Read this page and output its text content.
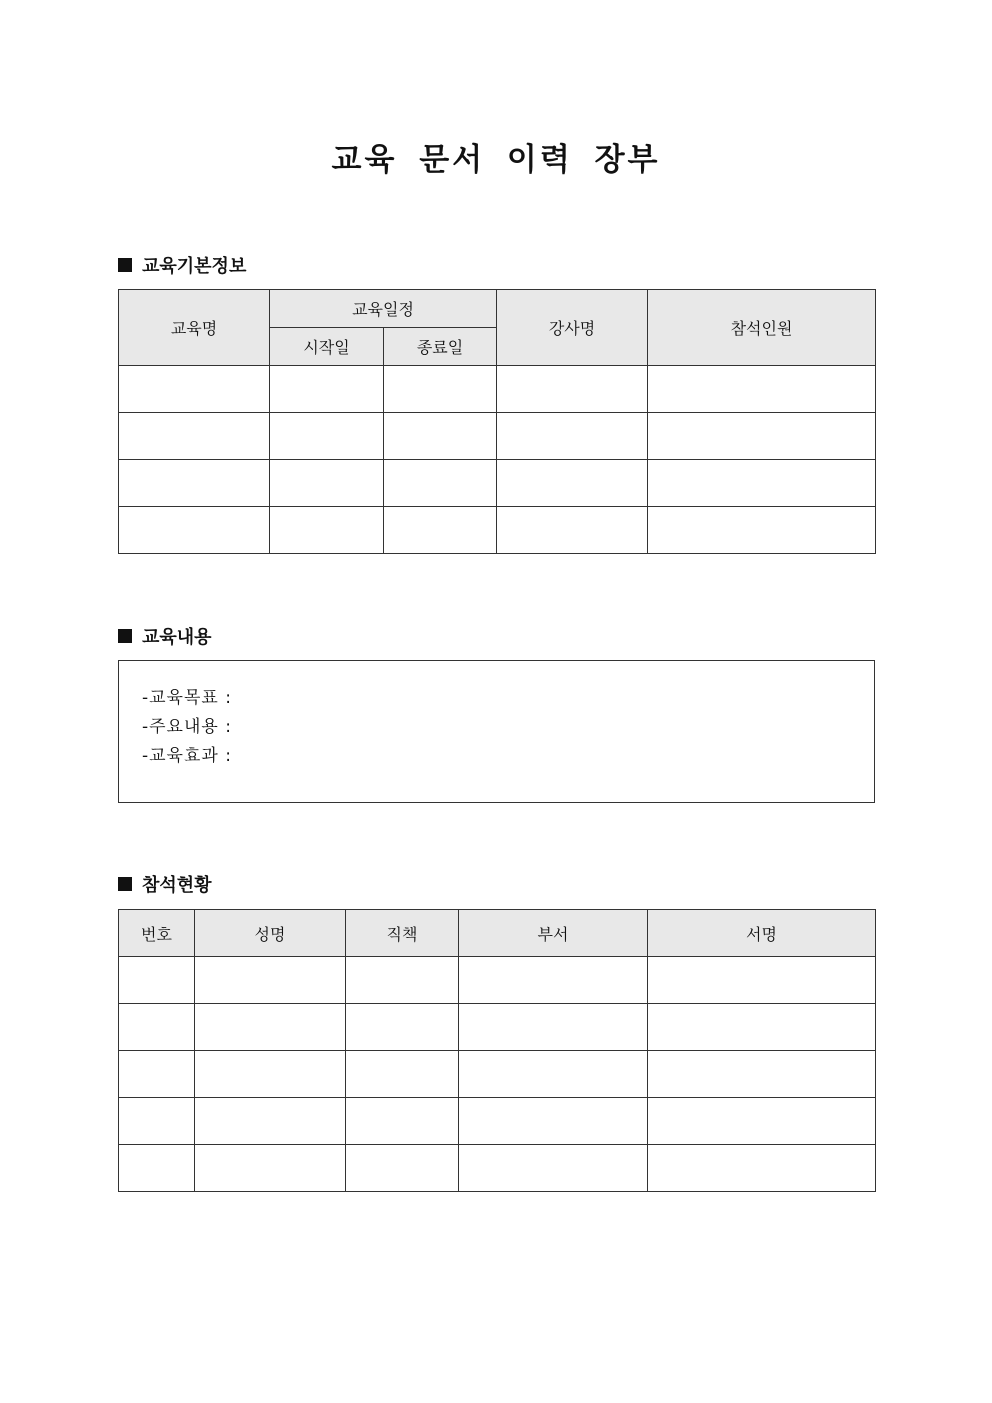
교육 문서 이력 장부
교육기본정보
교육명	교육일정		강사명	참석인원
	시작일	종료일		

교육내용
-교육목표 :
-주요내용 :
-교육효과 :
참석현황
번호	성명	직책	부서	서명
